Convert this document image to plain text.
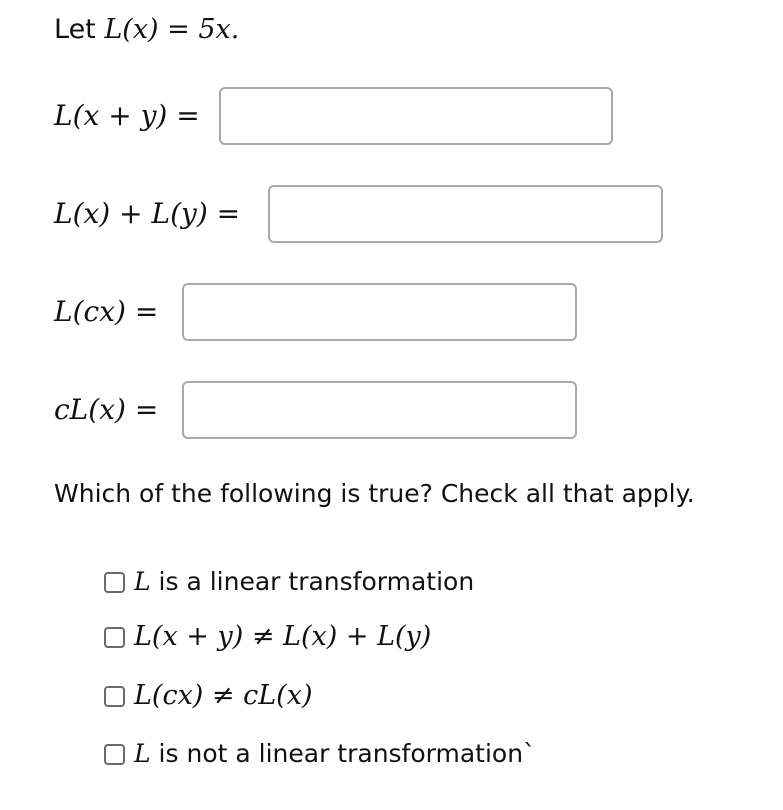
Let L(x) = 5x.
L(x + y) =
L(x) + L(y) =
L(cx) =
cL(x) =
Which of the following is true? Check all that apply.
L is a linear transformation
L(x + y) ≠ L(x) + L(y)
L(cx) ≠ cL(x)
L is not a linear transformation`
